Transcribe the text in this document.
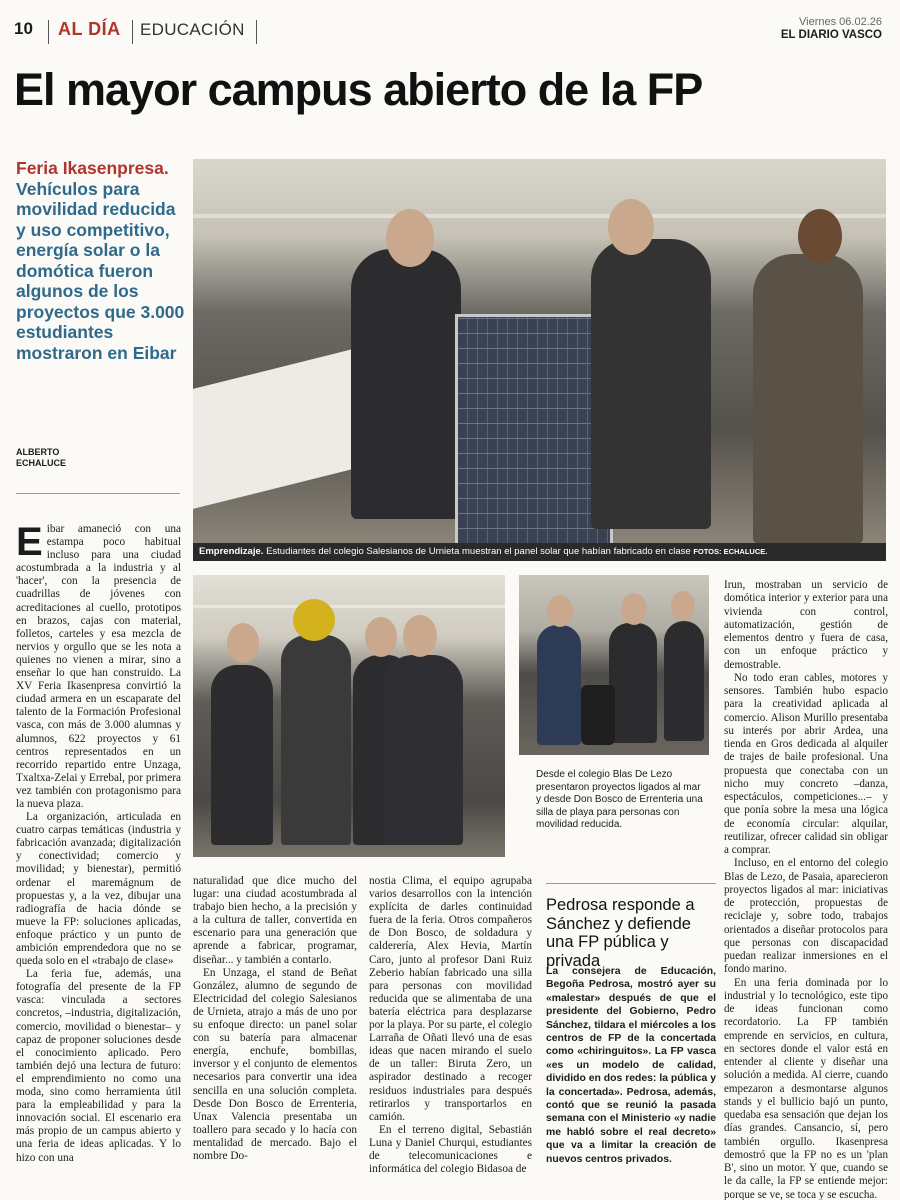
10 AL DÍA EDUCACIÓN	Viernes 06.02.26
EL DIARIO VASCO
El mayor campus abierto de la FP
Feria Ikasenpresa. Vehículos para movilidad reducida y uso competitivo, energía solar o la domótica fueron algunos de los proyectos que 3.000 estudiantes mostraron en Eibar
ALBERTO
ECHALUCE
Emprendizaje. Estudiantes del colegio Salesianos de Urnieta muestran el panel solar que habían fabricado en clase FOTOS: ECHALUCE.
Desde el colegio Blas De Lezo presentaron proyectos ligados al mar y desde Don Bosco de Errenteria una silla de playa para personas con movilidad reducida.

Eibar amaneció con una estampa poco habitual incluso para una ciudad acostumbrada a la industria y al 'hacer', con la presencia de cuadrillas de jóvenes con acreditaciones al cuello, prototipos en brazos, cajas con material, folletos, carteles y esa mezcla de nervios y orgullo que se les nota a quienes no vienen a mirar, sino a enseñar lo que han construido. La XV Feria Ikasenpresa convirtió la ciudad armera en un escaparate del talento de la Formación Profesional vasca, con más de 3.000 alumnas y alumnos, 622 proyectos y 61 centros representados en un recorrido repartido entre Unzaga, Txaltxa-Zelai y Errebal, por primera vez también con protagonismo para la nueva plaza.

La organización, articulada en cuatro carpas temáticas (industria y fabricación avanzada; digitalización y conectividad; comercio y movilidad; y bienestar), permitió ordenar el maremágnum de propuestas y, a la vez, dibujar una radiografía de hacia dónde se mueve la FP: soluciones aplicadas, enfoque práctico y un punto de ambición emprendedora que no se queda solo en el «trabajo de clase»

La feria fue, además, una fotografía del presente de la FP vasca: vinculada a sectores concretos, –industria, digitalización, comercio, movilidad o bienestar– y capaz de proponer soluciones desde el conocimiento aplicado. Pero también dejó una lectura de futuro: el emprendimiento no como una moda, sino como herramienta útil para la empleabilidad y para la innovación social. El escenario era más propio de un campus abierto y una feria de ideas aplicadas. Y lo hizo con una

naturalidad que dice mucho del lugar: una ciudad acostumbrada al trabajo bien hecho, a la precisión y a la cultura de taller, convertida en escenario para una generación que aprende a fabricar, programar, diseñar... y también a contarlo.

En Unzaga, el stand de Beñat González, alumno de segundo de Electricidad del colegio Salesianos de Urnieta, atrajo a más de uno por su enfoque directo: un panel solar con su batería para almacenar energía, enchufe, bombillas, inversor y el conjunto de elementos necesarios para convertir una idea sencilla en una solución completa. Desde Don Bosco de Errenteria, Unax Valencia presentaba un toallero para secado y lo hacía con mentalidad de mercado. Bajo el nombre Do-

nostia Clima, el equipo agrupaba varios desarrollos con la intención explícita de darles continuidad fuera de la feria. Otros compañeros de Don Bosco, de soldadura y calderería, Alex Hevia, Martín Caro, junto al profesor Dani Ruiz Zeberio habían fabricado una silla para personas con movilidad reducida que se alimentaba de una batería eléctrica para desplazarse por la playa. Por su parte, el colegio Larraña de Oñati llevó una de esas ideas que nacen mirando el suelo de un taller: Biruta Zero, un aspirador destinado a recoger residuos industriales para después retirarlos y transportarlos en camión.

En el terreno digital, Sebastián Luna y Daniel Churqui, estudiantes de telecomunicaciones e informática del colegio Bidasoa de

Pedrosa responde a Sánchez y defiende una FP pública y privada
La consejera de Educación, Begoña Pedrosa, mostró ayer su «malestar» después de que el presidente del Gobierno, Pedro Sánchez, tildara el miércoles a los centros de FP de la concertada como «chiringuitos». La FP vasca «es un modelo de calidad, dividido en dos redes: la pública y la concertada». Pedrosa, además, contó que se reunió la pasada semana con el Ministerio «y nadie me habló sobre el real decreto» que va a limitar la creación de nuevos centros privados.

Irun, mostraban un servicio de domótica interior y exterior para una vivienda con control, automatización, gestión de elementos dentro y fuera de casa, con un enfoque práctico y demostrable.

No todo eran cables, motores y sensores. También hubo espacio para la creatividad aplicada al comercio. Alison Murillo presentaba su interés por abrir Ardea, una tienda en Gros dedicada al alquiler de trajes de baile profesional. Una propuesta que conectaba con un nicho muy concreto –danza, espectáculos, competiciones...– y que ponía sobre la mesa una lógica de economía circular: alquilar, reutilizar, ofrecer calidad sin obligar a comprar.

Incluso, en el entorno del colegio Blas de Lezo, de Pasaia, aparecieron proyectos ligados al mar: iniciativas de protección, propuestas de reciclaje y, sobre todo, trabajos orientados a diseñar protocolos para que personas con discapacidad puedan realizar inmersiones en el fondo marino.

En una feria dominada por lo industrial y lo tecnológico, este tipo de ideas funcionan como recordatorio. La FP también emprende en servicios, en cultura, en sectores donde el valor está en entender al cliente y diseñar una solución a medida. Al cierre, cuando empezaron a desmontarse algunos stands y el bullicio bajó un punto, quedaba esa sensación que dejan los días grandes. Cansancio, sí, pero también orgullo. Ikasenpresa demostró que la FP no es un 'plan B', sino un motor. Y que, cuando se le da calle, la FP se entiende mejor: porque se ve, se toca y se escucha.
